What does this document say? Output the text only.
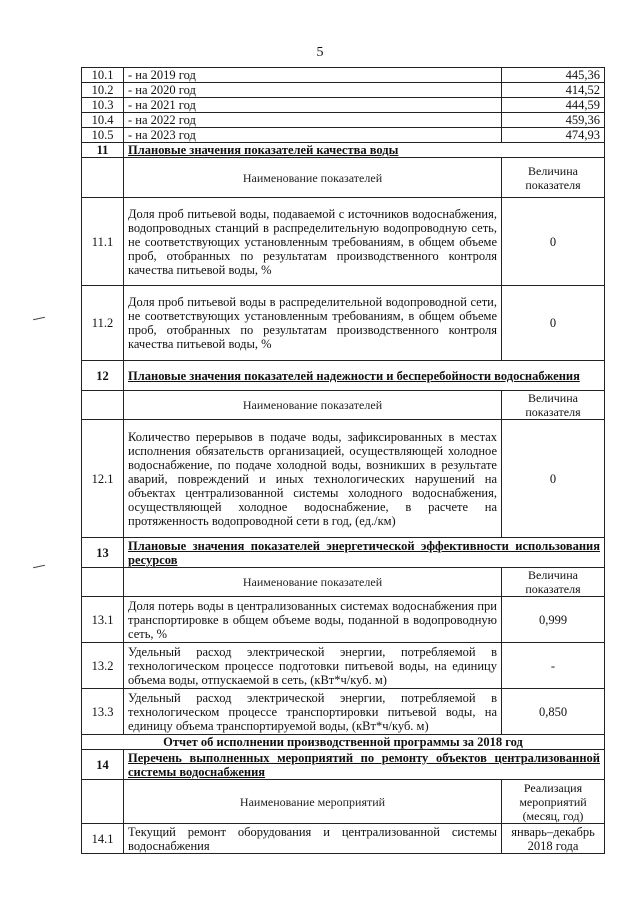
5
10.1	- на 2019 год	445,36
10.2	- на 2020 год	414,52
10.3	- на 2021 год	444,59
10.4	- на 2022 год	459,36
10.5	- на 2023 год	474,93
11	Плановые значения показателей качества воды	
	Наименование показателей	Величина показателя
11.1	Доля проб питьевой воды, подаваемой с источников водоснабжения, водопроводных станций в распределительную водопроводную сеть, не соответствующих установленным требованиям, в общем объеме проб, отобранных по результатам производственного контроля качества питьевой воды, %	0
11.2	Доля проб питьевой воды в распределительной водопроводной сети, не соответствующих установленным требованиям, в общем объеме проб, отобранных по результатам производственного контроля качества питьевой воды, %	0
12	Плановые значения показателей надежности и бесперебойности водоснабжения	
	Наименование показателей	Величина показателя
12.1	Количество перерывов в подаче воды, зафиксированных в местах исполнения обязательств организацией, осуществляющей холодное водоснабжение, по подаче холодной воды, возникших в результате аварий, повреждений и иных технологических нарушений на объектах централизованной системы холодного водоснабжения, осуществляющей холодное водоснабжение, в расчете на протяженность водопроводной сети в год, (ед./км)	0
13	Плановые значения показателей энергетической эффективности использования ресурсов	
	Наименование показателей	Величина показателя
13.1	Доля потерь воды в централизованных системах водоснабжения при транспортировке в общем объеме воды, поданной в водопроводную сеть, %	0,999
13.2	Удельный расход электрической энергии, потребляемой в технологическом процессе подготовки питьевой воды, на единицу объема воды, отпускаемой в сеть, (кВт*ч/куб. м)	-
13.3	Удельный расход электрической энергии, потребляемой в технологическом процессе транспортировки питьевой воды, на единицу объема транспортируемой воды, (кВт*ч/куб. м)	0,850
Отчет об исполнении производственной программы за 2018 год		
14	Перечень выполненных мероприятий по ремонту объектов централизованной системы водоснабжения	
	Наименование мероприятий	Реализация мероприятий (месяц, год)
14.1	Текущий ремонт оборудования и централизованной системы водоснабжения	январь–декабрь 2018 года
